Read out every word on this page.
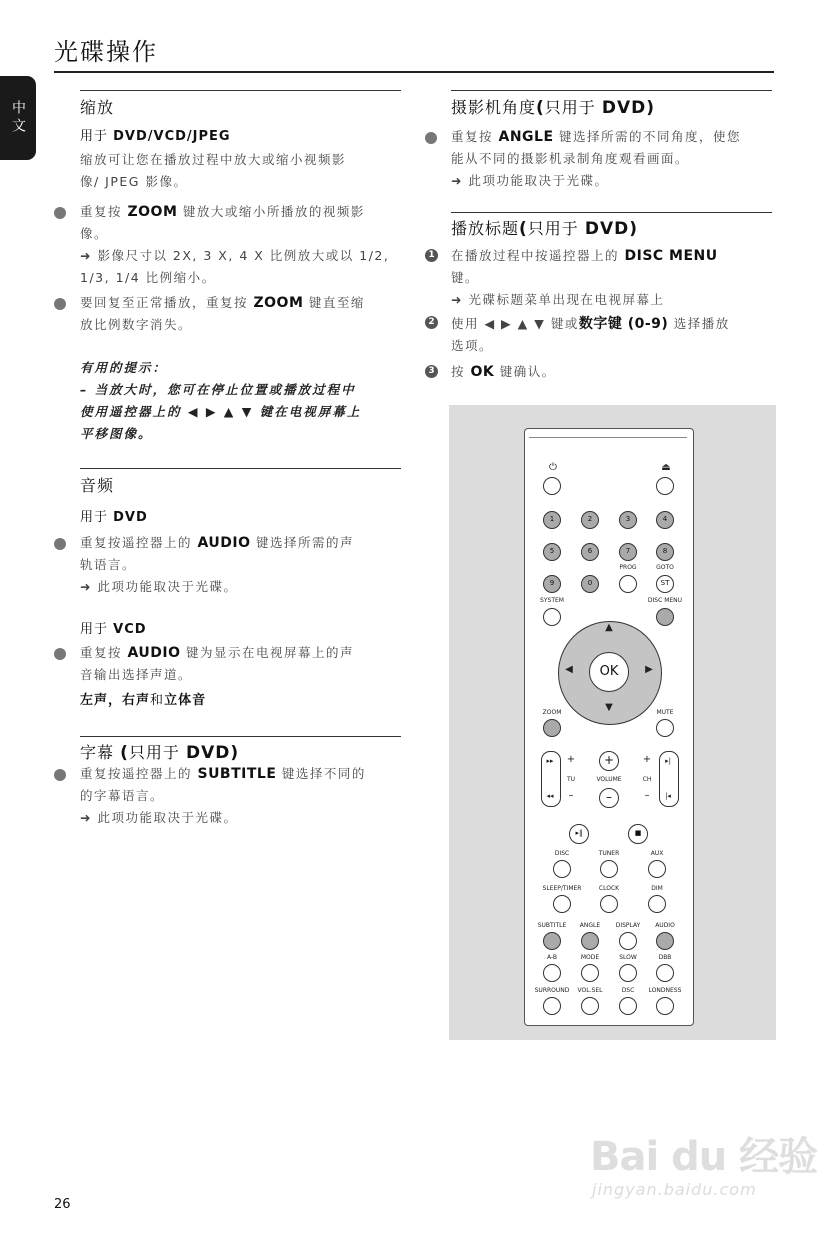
光碟操作
中文	缩放
用于 DVD/VCD/JPEG
缩放可让您在播放过程中放大或缩小视频影
像/ JPEG 影像。
重复按 ZOOM 键放大或缩小所播放的视频影
像。
➜ 影像尺寸以 2X, 3 X, 4 X 比例放大或以 1/2,
1/3, 1/4 比例缩小。
要回复至正常播放，重复按 ZOOM 键直至缩
放比例数字消失。
有用的提示：
– 当放大时，您可在停止位置或播放过程中
使用遥控器上的 ◀ ▶ ▲ ▼ 键在电视屏幕上
平移图像。
音频
用于 DVD
重复按遥控器上的 AUDIO 键选择所需的声
轨语言。
➜ 此项功能取决于光碟。
用于 VCD
重复按 AUDIO 键为显示在电视屏幕上的声
音输出选择声道。
左声，右声和立体音
字幕 (只用于 DVD)
重复按遥控器上的 SUBTITLE 键选择不同的
的字幕语言。
➜ 此项功能取决于光碟。
摄影机角度(只用于 DVD)
重复按 ANGLE 键选择所需的不同角度，使您
能从不同的摄影机录制角度观看画面。
➜ 此项功能取决于光碟。
播放标题(只用于 DVD)
1 在播放过程中按遥控器上的 DISC MENU
键。
➜ 光碟标题菜单出现在电视屏幕上
2 使用 ◀ ▶ ▲ ▼ 键或数字键 (0-9) 选择播放
选项。
3 按 OK 键确认。
⏻	⏏
1	2	3	4
5	6	7	8
PROG	GOTO
9	0	ST
SYSTEM	DISC MENU
OK
▲
▼
◀	▶
ZOOM	MUTE
▸▸
◂◂
+
–
TU
+
VOLUME
–
+
–
CH
▸|
|◂
▸‖	■
DISC	TUNER	AUX
SLEEP/TIMER	CLOCK	DIM
SUBTITLE ANGLE	DISPLAY AUDIO
A-B	MODE	SLOW	DBB
SURROUND VOL.SEL	DSC LONDNESS
26
Bai du 经验
jingyan.baidu.com
